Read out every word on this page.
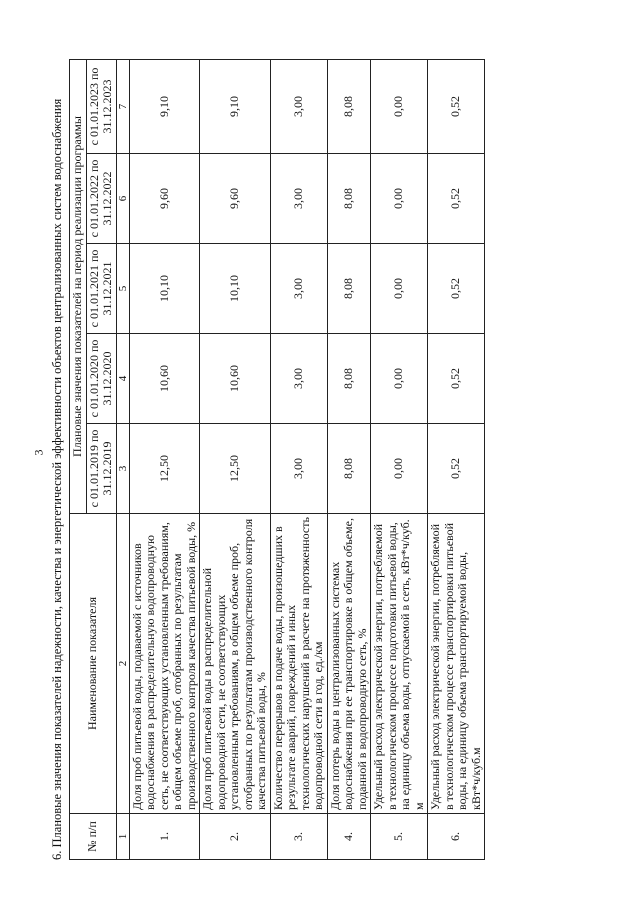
3 6. Плановые значения показателей надежности, качества и энергетической эффективности объектов централизованных систем водоснабжения № п/п	Наименование показателя	Плановые значения показателей на период реализации программы				
		с 01.01.2019 по 31.12.2019	с 01.01.2020 по 31.12.2020	с 01.01.2021 по 31.12.2021	с 01.01.2022 по 31.12.2022	с 01.01.2023 по 31.12.2023
1	2	3	4	5	6	7
1.	Доля проб питьевой воды, подаваемой с источников водоснабжения в распределительную водопроводную сеть, не соответствующих установленным требованиям, в общем объеме проб, отобранных по результатам производственного контроля качества питьевой воды, %	12,50	10,60	10,10	9,60	9,10
2.	Доля проб питьевой воды в распределительной водопроводной сети, не соответствующих установленным требованиям, в общем объеме проб, отобранных по результатам производственного контроля качества питьевой воды, %	12,50	10,60	10,10	9,60	9,10
3.	Количество перерывов в подаче воды, произошедших в результате аварий, повреждений и иных технологических нарушений в расчете на протяженность водопроводной сети в год, ед./км	3,00	3,00	3,00	3,00	3,00
4.	Доля потерь воды в централизованных системах водоснабжения при ее транспортировке в общем объеме, поданной в водопроводную сеть, %	8,08	8,08	8,08	8,08	8,08
5.	Удельный расход электрической энергии, потребляемой в технологическом процессе подготовки питьевой воды, на единицу объема воды, отпускаемой в сеть, кВт*ч/куб. м	0,00	0,00	0,00	0,00	0,00
6.	Удельный расход электрической энергии, потребляемой в технологическом процессе транспортировки питьевой воды, на единицу объема транспортируемой воды, кВт*ч/куб.м	0,52	0,52	0,52	0,52	0,52
